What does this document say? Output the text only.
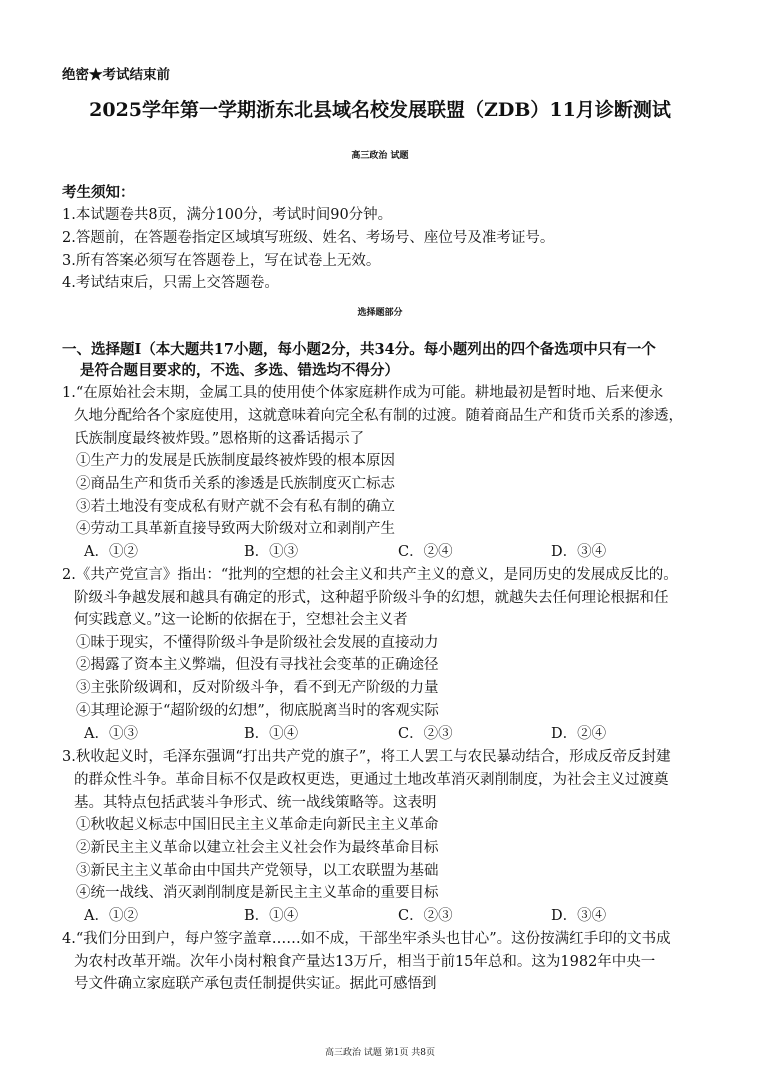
绝密★考试结束前
2025学年第一学期浙东北县域名校发展联盟（ZDB）11月诊断测试
高三政治 试题
考生须知：
1.本试题卷共8页，满分100分，考试时间90分钟。
2.答题前，在答题卷指定区域填写班级、姓名、考场号、座位号及准考证号。
3.所有答案必须写在答题卷上，写在试卷上无效。
4.考试结束后，只需上交答题卷。
选择题部分
一、选择题Ⅰ（本大题共17小题，每小题2分，共34分。每小题列出的四个备选项中只有一个
是符合题目要求的，不选、多选、错选均不得分）
1.“在原始社会末期，金属工具的使用使个体家庭耕作成为可能。耕地最初是暂时地、后来便永
久地分配给各个家庭使用，这就意味着向完全私有制的过渡。随着商品生产和货币关系的渗透，
氏族制度最终被炸毁。”恩格斯的这番话揭示了
①生产力的发展是氏族制度最终被炸毁的根本原因
②商品生产和货币关系的渗透是氏族制度灭亡标志
③若土地没有变成私有财产就不会有私有制的确立
④劳动工具革新直接导致两大阶级对立和剥削产生
A．①②	B．①③	C．②④	D．③④
2.《共产党宣言》指出：“批判的空想的社会主义和共产主义的意义，是同历史的发展成反比的。
阶级斗争越发展和越具有确定的形式，这种超乎阶级斗争的幻想，就越失去任何理论根据和任
何实践意义。”这一论断的依据在于，空想社会主义者
①昧于现实，不懂得阶级斗争是阶级社会发展的直接动力
②揭露了资本主义弊端，但没有寻找社会变革的正确途径
③主张阶级调和，反对阶级斗争，看不到无产阶级的力量
④其理论源于“超阶级的幻想”，彻底脱离当时的客观实际
A．①③	B．①④	C．②③	D．②④
3.秋收起义时，毛泽东强调“打出共产党的旗子”，将工人罢工与农民暴动结合，形成反帝反封建
的群众性斗争。革命目标不仅是政权更迭，更通过土地改革消灭剥削制度，为社会主义过渡奠
基。其特点包括武装斗争形式、统一战线策略等。这表明
①秋收起义标志中国旧民主主义革命走向新民主主义革命
②新民主主义革命以建立社会主义社会作为最终革命目标
③新民主主义革命由中国共产党领导，以工农联盟为基础
④统一战线、消灭剥削制度是新民主主义革命的重要目标
A．①②	B．①④	C．②③	D．③④
4.“我们分田到户，每户签字盖章……如不成，干部坐牢杀头也甘心”。这份按满红手印的文书成
为农村改革开端。次年小岗村粮食产量达13万斤，相当于前15年总和。这为1982年中央一
号文件确立家庭联产承包责任制提供实证。据此可感悟到
高三政治 试题 第1页 共8页
